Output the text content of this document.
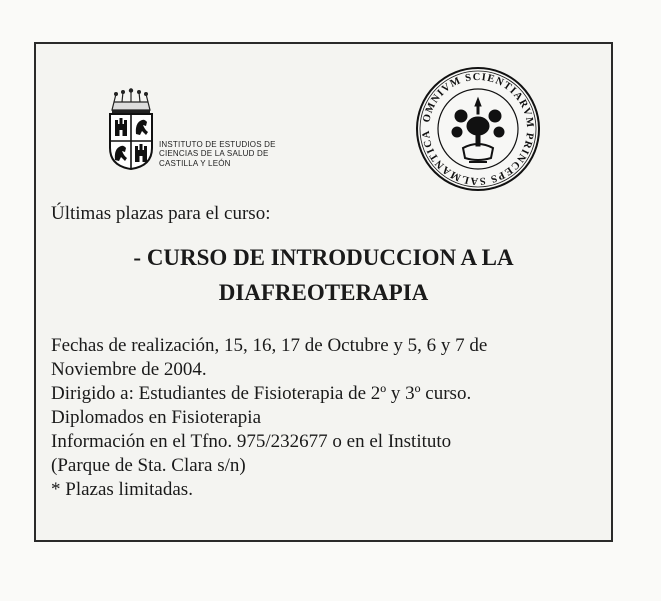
INSTITUTO DE ESTUDIOS DE
CIENCIAS DE LA SALUD DE
CASTILLA Y LEÓN
OMNIVM SCIENTIARVM PRINCEPS SALMANTICA

Últimas plazas para el curso:

- CURSO DE INTRODUCCION A LA
DIAFREOTERAPIA
Fechas de realización, 15, 16, 17 de Octubre y 5, 6 y 7 de
Noviembre de 2004.
Dirigido a: Estudiantes de Fisioterapia de 2º y 3º curso.
Diplomados en Fisioterapia
Información en el Tfno. 975/232677 o en el Instituto
(Parque de Sta. Clara s/n)
* Plazas limitadas.
